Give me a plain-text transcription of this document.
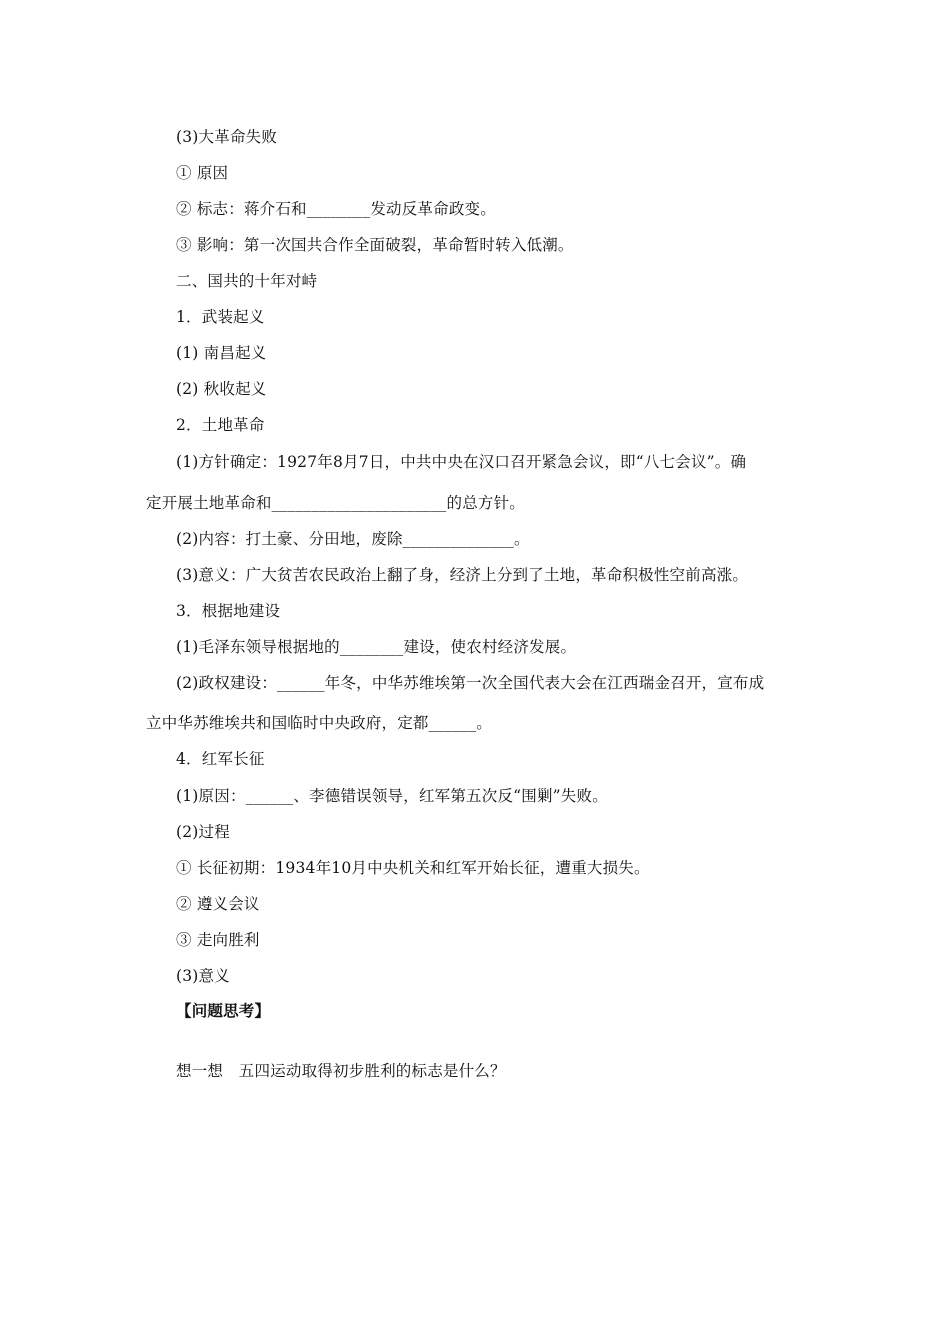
(3)大革命失败
① 原因
② 标志：蒋介石和________发动反革命政变。
③ 影响：第一次国共合作全面破裂，革命暂时转入低潮。
二、国共的十年对峙
1．武装起义
(1) 南昌起义
(2) 秋收起义
2．土地革命
(1)方针确定：1927年8月7日，中共中央在汉口召开紧急会议，即“八七会议”。确
定开展土地革命和______________________的总方针。
(2)内容：打土豪、分田地，废除______________。
(3)意义：广大贫苦农民政治上翻了身，经济上分到了土地，革命积极性空前高涨。
3．根据地建设
(1)毛泽东领导根据地的________建设，使农村经济发展。
(2)政权建设：______年冬，中华苏维埃第一次全国代表大会在江西瑞金召开，宣布成
立中华苏维埃共和国临时中央政府，定都______。
4．红军长征
(1)原因：______、李德错误领导，红军第五次反“围剿”失败。
(2)过程
① 长征初期：1934年10月中央机关和红军开始长征，遭重大损失。
② 遵义会议
③ 走向胜利
(3)意义
【问题思考】
想一想　五四运动取得初步胜利的标志是什么？
